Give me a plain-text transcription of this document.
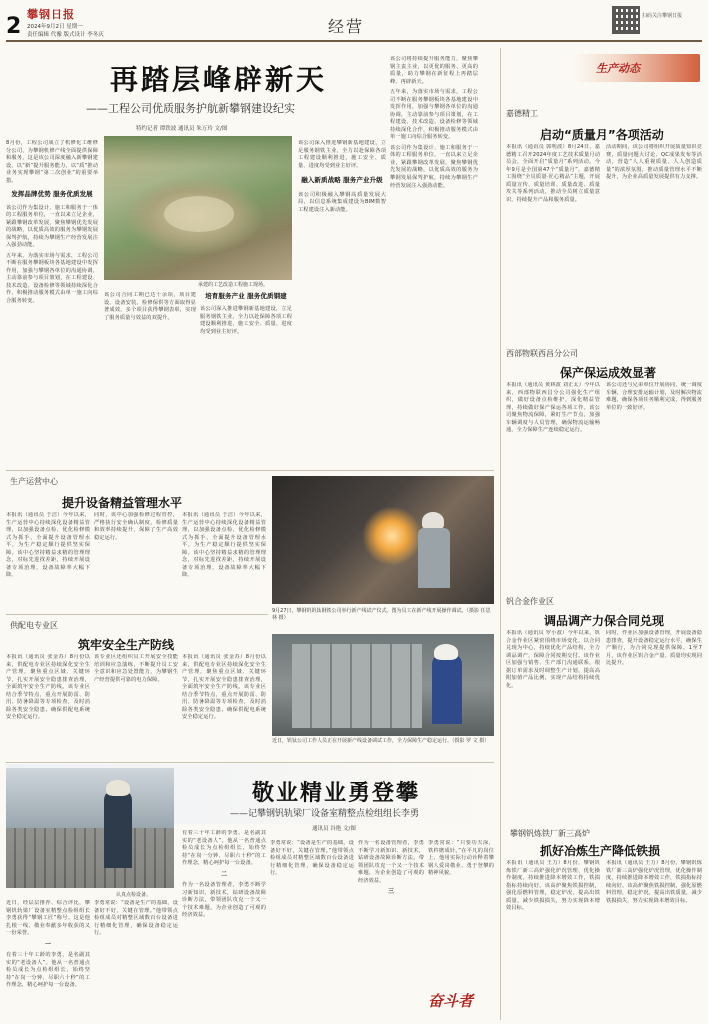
2 攀钢日报
2024年9月2日 星期一
责任编辑 代豫 版式设计 李冬庆	经营
扫码关注攀钢日报
再踏层峰辟新天
——工程公司优质服务护航新攀钢建设纪实
特约记者 谭铁波 通讯员 朱万玲 文/图

8月份，工程公司成立了机修化工维修分公司，为攀钢机修产线全面提供保障和服务。这是该公司深度融入新攀钢建设，以“新”提升服务能力，以“质”推动业务实现攀钢“第二次创业”的重要举措。

发挥品牌优势 服务优质发展

该公司作为集设计、施工和服务于一体的工程服务单位，一直以来立足企业，紧跟攀钢改革发展，聚焦攀钢优先发展的战略，以优质高效的服务为攀钢发展保驾护航，持续为攀钢生产经营发展注入强劲动能。

五年来，为落实市场与需求，工程公司不断在服务攀钢板块各基地建设中发挥作用，加强与攀钢各单位的沟通协调，主动靠前参与项目策划，在工程建设、技术改造、设备检修等领域持续深化合作，积极推动服务模式由单一施工向综合服务转变。

承建的工艺改造工程施工现场。

该公司合同工期已达十余项，项目建设、设备安装、检修保供等方面取得显著成效，多个项目获得攀钢表彰，实现了服务质量与效益的双提升。

培育服务产业 服务优质钢建

该公司深入推进攀钢新基地建设，立足服务钢铁主业，全力以赴保障各项工程建设顺利推进，施工安全、质量、进度均受到业主好评。

该公司深入推进攀钢新基地建设，立足服务钢铁主业，全力以赴保障各项工程建设顺利推进，施工安全、质量、进度均受到业主好评。

融入新质战略 服务产业升级

该公司积极融入攀钢高质量发展大局，以信息系统集成建设为BIM数智工程建设注入新动能。

该公司将持续提升服务能力，聚焦攀钢主责主业，以更优的服务、更高的质量，助力攀钢在新征程上再踏层峰、再辟新天。

五年来，为落实市场与需求，工程公司不断在服务攀钢板块各基地建设中发挥作用，加强与攀钢各单位的沟通协调，主动靠前参与项目策划，在工程建设、技术改造、设备检修等领域持续深化合作，积极推动服务模式由单一施工向综合服务转变。

该公司作为集设计、施工和服务于一体的工程服务单位，一直以来立足企业，紧跟攀钢改革发展，聚焦攀钢优先发展的战略，以优质高效的服务为攀钢发展保驾护航，持续为攀钢生产经营发展注入强劲动能。

生产动态
嘉德精工
启动“质量月”各项活动

本报讯（通讯员 郭明波）8月24日，嘉德精工召开2024年度工艺技术质量月动员会，全面开启“质量月”系列活动。今年9月是全国第47个“质量月”，嘉德精工围绕“全员质量·匠心精品”主题，开展质量宣传、质量培训、质量改进、质量攻关等系列活动，推动全员树立质量意识，持续提升产品和服务质量。

活动期间，该公司将组织开展质量知识竞赛、质量问题大讨论、QC成果发布等活动，营造“人人重视质量、人人创造质量”的浓厚氛围，推动质量管理水平不断提升，为企业高质量发展提供有力支撑。

西部物联西昌分公司
保产保运成效显著

本报讯（通讯员 黄林波 刘正太）今年以来，西部物联西昌分公司强化生产组织，做好设备点检维护，深化精益管理，持续做好保产保运各项工作。该公司聚焦物流保障，紧盯生产节点，加强车辆调度与人员管理，确保物流运输畅通，全力保障生产连续稳定运行。

该公司还与兄弟单位开展协同，统一调度车辆，合理安排运输计划，及时解决物流难题，确保各项任务顺利完成，得到服务单位的一致好评。

钒合金作业区
调品调产力保合同兑现

本报讯（通讯员 罗小波）今年以来，钒合金作业区紧密围绕市场变化，以合同兑现为中心，持续优化产品结构，全力调品调产，保障合同按期交付。该作业区加强与销售、生产部门沟通联系，根据订单需求及时调整生产计划，提高高附加值产品比例，实现产品结构持续优化。

同时，作业区加强设备管理，开展设备隐患排查，提升设备稳定运行水平，确保生产顺行，为合同兑现提供保障。1至7月，该作业区钒合金产量、质量均实现同比提升。

攀钢钒炼铁厂新三高炉
抓好冶炼生产降低铁损

本报讯（通讯员 王力）8月份，攀钢钒炼铁厂新三高炉强化炉况管理，优化操作制度，持续推进降本增效工作，铁损指标持续向好。该高炉聚焦铁损控制，强化原燃料管理，稳定炉况，提高出铁质量，减少铁损损失，努力实现降本增效目标。

本报讯（通讯员 王力）8月份，攀钢钒炼铁厂新三高炉强化炉况管理，优化操作制度，持续推进降本增效工作，铁损指标持续向好。该高炉聚焦铁损控制，强化原燃料管理，稳定炉况，提高出铁质量，减少铁损损失，努力实现降本增效目标。

生产运营中心
提升设备精益管理水平

本报讯（通讯员 于洁）今年以来，生产运营中心持续深化设备精益管理，以加强设备点检、优化检修模式为抓手，全面提升设备管理水平，为生产稳定顺行提供坚实保障。该中心坚持精益求精的管理理念，对标先进找差距，持续开展设备专项治理，设备故障率大幅下降。

同时，该中心加强检修过程管控，严格执行安全确认制度，检修质量和效率持续提升，保障了生产高效稳定运行。

本报讯（通讯员 于洁）今年以来，生产运营中心持续深化设备精益管理，以加强设备点检、优化检修模式为抓手，全面提升设备管理水平，为生产稳定顺行提供坚实保障。该中心坚持精益求精的管理理念，对标先进找差距，持续开展设备专项治理，设备故障率大幅下降。

9月27日，攀钢钒钒钛钢铁公司举行新产线试产仪式。图为员工在新产线开展操作调试。（摄影 任思林 摄）
供配电专业区
筑牢安全生产防线

本报讯（通讯员 张金苏）8月份以来，供配电专业区持续深化安全生产管理，聚焦重点区域、关键环节，扎实开展安全隐患排查治理，全面筑牢安全生产防线。该专业区结合季节特点，重点开展防雷、防汛、防暑降温等专项检查，及时消除各类安全隐患，确保供配电系统安全稳定运行。

该专业区还组织员工开展安全技能培训和应急演练，不断提升员工安全意识和应急处置能力，为攀钢生产经营提供可靠的电力保障。

本报讯（通讯员 张金苏）8月份以来，供配电专业区持续深化安全生产管理，聚焦重点区域、关键环节，扎实开展安全隐患排查治理，全面筑牢安全生产防线。该专业区结合季节特点，重点开展防雷、防汛、防暑降温等专项检查，及时消除各类安全隐患，确保供配电系统安全稳定运行。

近日，钒钛公司工作人员正在开展新产线设备调试工作，全力保障生产稳定运行。（摄影 罗 文 摄）
敬业精业勇登攀
——记攀钢钒轨梁厂设备室精整点检组组长李勇
通讯员 谷艳 文/图
认真点检设备。

近日，经层层推荐、综合评比，攀钢钒轨梁厂设备室精整点检组组长李勇获得“攀钢工匠”称号。这是他扎根一线、敬业奉献多年收获的又一份荣誉。

一

有着三十年工龄的李勇，是名副其实的“老设备人”。他从一名普通点检员成长为点检组组长，始终坚持“在岗一分钟、尽职六十秒”的工作理念，精心呵护每一台设备。

李勇常说：“设备是生产的基础，设备好不好，关键在管理。”他带领点检组成员对精整区域数百台设备进行精细化管理，确保设备稳定运行。

有着三十年工龄的李勇，是名副其实的“老设备人”。他从一名普通点检员成长为点检组组长，始终坚持“在岗一分钟、尽职六十秒”的工作理念，精心呵护每一台设备。

二

作为一名设备管理者，李勇不断学习新知识、新技术，钻研设备故障诊断方法，带领团队攻克一个又一个技术难题，为企业创造了可观的经济效益。

李勇常说：“设备是生产的基础，设备好不好，关键在管理。”他带领点检组成员对精整区域数百台设备进行精细化管理，确保设备稳定运行。

作为一名设备管理者，李勇不断学习新知识、新技术，钻研设备故障诊断方法，带领团队攻克一个又一个技术难题，为企业创造了可观的经济效益。

三

李勇常说：“只要功夫深，铁杵磨成针。”在平凡的岗位上，他用实际行动诠释着攀钢人爱岗敬业、勇于登攀的精神风貌。

奋斗者
